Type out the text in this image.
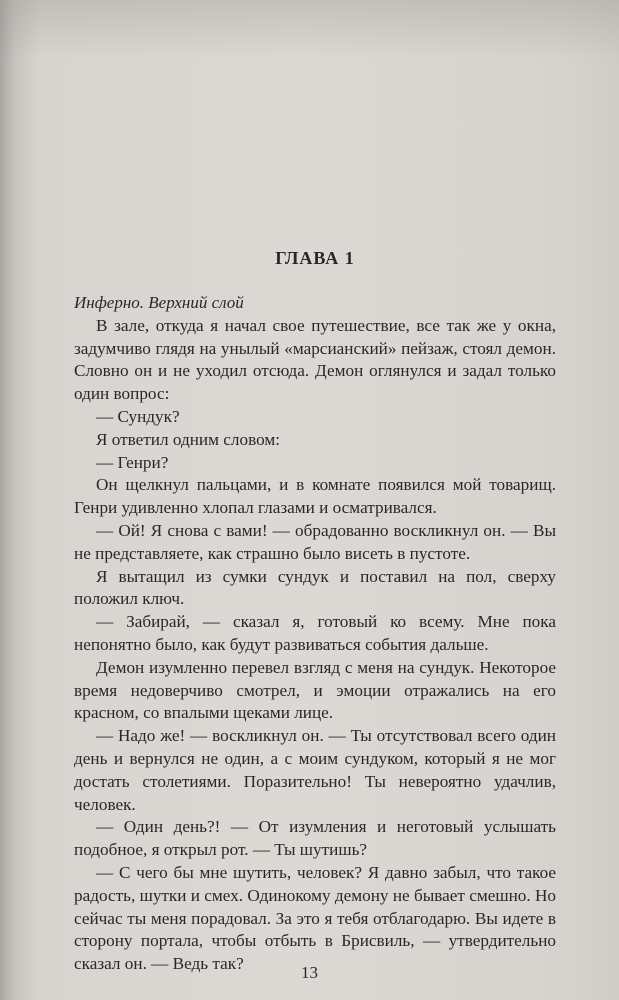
ГЛАВА 1

Инферно. Верхний слой

В зале, откуда я начал свое путешествие, все так же у окна, задумчиво глядя на унылый «марсианский» пейзаж, стоял демон. Словно он и не уходил отсюда. Демон оглянулся и задал только один вопрос:

— Сундук?

Я ответил одним словом:

— Генри?

Он щелкнул пальцами, и в комнате появился мой товарищ. Генри удивленно хлопал глазами и осматривался.

— Ой! Я снова с вами! — обрадованно воскликнул он. — Вы не представляете, как страшно было висеть в пустоте.

Я вытащил из сумки сундук и поставил на пол, сверху положил ключ.

— Забирай, — сказал я, готовый ко всему. Мне пока непонятно было, как будут развиваться события дальше.

Демон изумленно перевел взгляд с меня на сундук. Некоторое время недоверчиво смотрел, и эмоции отражались на его красном, со впалыми щеками лице.

— Надо же! — воскликнул он. — Ты отсутствовал всего один день и вернулся не один, а с моим сундуком, который я не мог достать столетиями. Поразительно! Ты невероятно удачлив, человек.

— Один день?! — От изумления и неготовый услышать подобное, я открыл рот. — Ты шутишь?

— С чего бы мне шутить, человек? Я давно забыл, что такое радость, шутки и смех. Одинокому демону не бывает смешно. Но сейчас ты меня порадовал. За это я тебя отблагодарю. Вы идете в сторону портала, чтобы отбыть в Брисвиль, — утвердительно сказал он. — Ведь так?	13
